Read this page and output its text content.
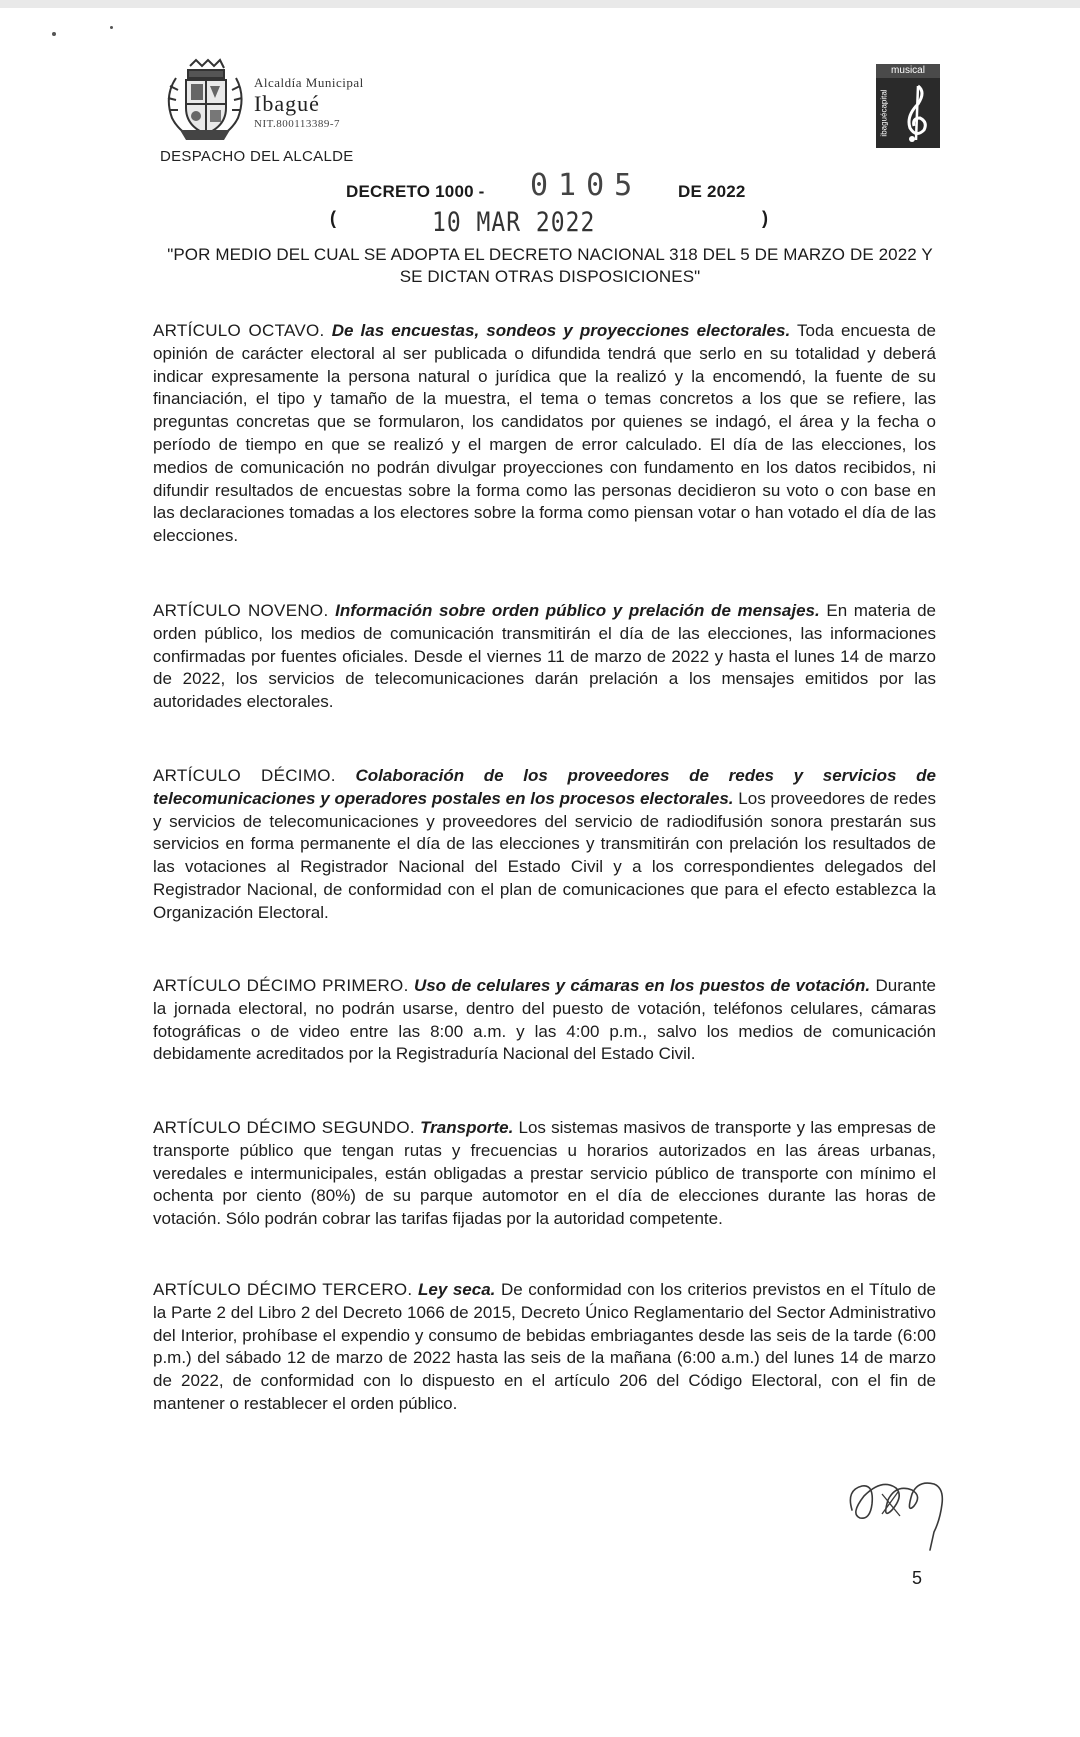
Alcaldía Municipal
Ibagué
NIT.800113389-7
DESPACHO DEL ALCALDE
musical
ibaguécapital
DECRETO 1000 - 0105 DE 2022
(	10 MAR 2022	)
"POR MEDIO DEL CUAL SE ADOPTA EL DECRETO NACIONAL 318 DEL 5 DE MARZO DE 2022 Y SE DICTAN OTRAS DISPOSICIONES"

ARTÍCULO OCTAVO. De las encuestas, sondeos y proyecciones electorales. Toda encuesta de opinión de carácter electoral al ser publicada o difundida tendrá que serlo en su totalidad y deberá indicar expresamente la persona natural o jurídica que la realizó y la encomendó, la fuente de su financiación, el tipo y tamaño de la muestra, el tema o temas concretos a los que se refiere, las preguntas concretas que se formularon, los candidatos por quienes se indagó, el área y la fecha o período de tiempo en que se realizó y el margen de error calculado. El día de las elecciones, los medios de comunicación no podrán divulgar proyecciones con fundamento en los datos recibidos, ni difundir resultados de encuestas sobre la forma como las personas decidieron su voto o con base en las declaraciones tomadas a los electores sobre la forma como piensan votar o han votado el día de las elecciones.

ARTÍCULO NOVENO. Información sobre orden público y prelación de mensajes. En materia de orden público, los medios de comunicación transmitirán el día de las elecciones, las informaciones confirmadas por fuentes oficiales. Desde el viernes 11 de marzo de 2022 y hasta el lunes 14 de marzo de 2022, los servicios de telecomunicaciones darán prelación a los mensajes emitidos por las autoridades electorales.

ARTÍCULO DÉCIMO. Colaboración de los proveedores de redes y servicios de telecomunicaciones y operadores postales en los procesos electorales. Los proveedores de redes y servicios de telecomunicaciones y proveedores del servicio de radiodifusión sonora prestarán sus servicios en forma permanente el día de las elecciones y transmitirán con prelación los resultados de las votaciones al Registrador Nacional del Estado Civil y a los correspondientes delegados del Registrador Nacional, de conformidad con el plan de comunicaciones que para el efecto establezca la Organización Electoral.

ARTÍCULO DÉCIMO PRIMERO. Uso de celulares y cámaras en los puestos de votación. Durante la jornada electoral, no podrán usarse, dentro del puesto de votación, teléfonos celulares, cámaras fotográficas o de video entre las 8:00 a.m. y las 4:00 p.m., salvo los medios de comunicación debidamente acreditados por la Registraduría Nacional del Estado Civil.

ARTÍCULO DÉCIMO SEGUNDO. Transporte. Los sistemas masivos de transporte y las empresas de transporte público que tengan rutas y frecuencias u horarios autorizados en las áreas urbanas, veredales e intermunicipales, están obligadas a prestar servicio público de transporte con mínimo el ochenta por ciento (80%) de su parque automotor en el día de elecciones durante las horas de votación. Sólo podrán cobrar las tarifas fijadas por la autoridad competente.

ARTÍCULO DÉCIMO TERCERO. Ley seca. De conformidad con los criterios previstos en el Título de la Parte 2 del Libro 2 del Decreto 1066 de 2015, Decreto Único Reglamentario del Sector Administrativo del Interior, prohíbase el expendio y consumo de bebidas embriagantes desde las seis de la tarde (6:00 p.m.) del sábado 12 de marzo de 2022 hasta las seis de la mañana (6:00 a.m.) del lunes 14 de marzo de 2022, de conformidad con lo dispuesto en el artículo 206 del Código Electoral, con el fin de mantener o restablecer el orden público.

5
